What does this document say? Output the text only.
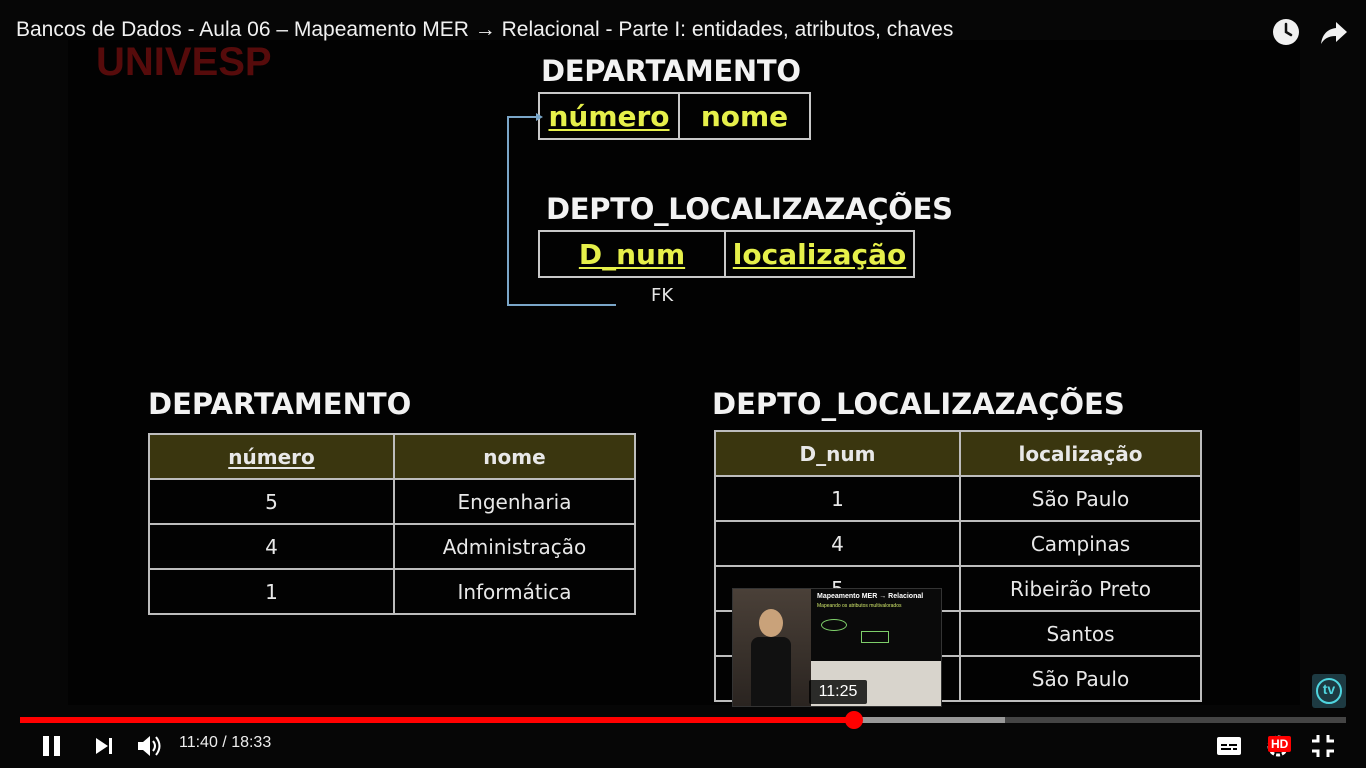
UNIVESP	DEPARTAMENTO
número	nome
DEPTO_LOCALIZAZAÇÕES
D_num	localização
FK
DEPARTAMENTO
número	nome
5	Engenharia
4	Administração
1	Informática
DEPTO_LOCALIZAZAÇÕES
D_num	localização
1	São Paulo
4	Campinas
	Ribeirão Preto
	Santos
	São Paulo
Bancos de Dados - Aula 06 – Mapeamento MER → Relacional - Parte I: entidades, atributos, chaves
Mapeamento MER → Relacional
Mapeando os atributos multivalorados
11:25	tv
11:40 / 18:33	HD
